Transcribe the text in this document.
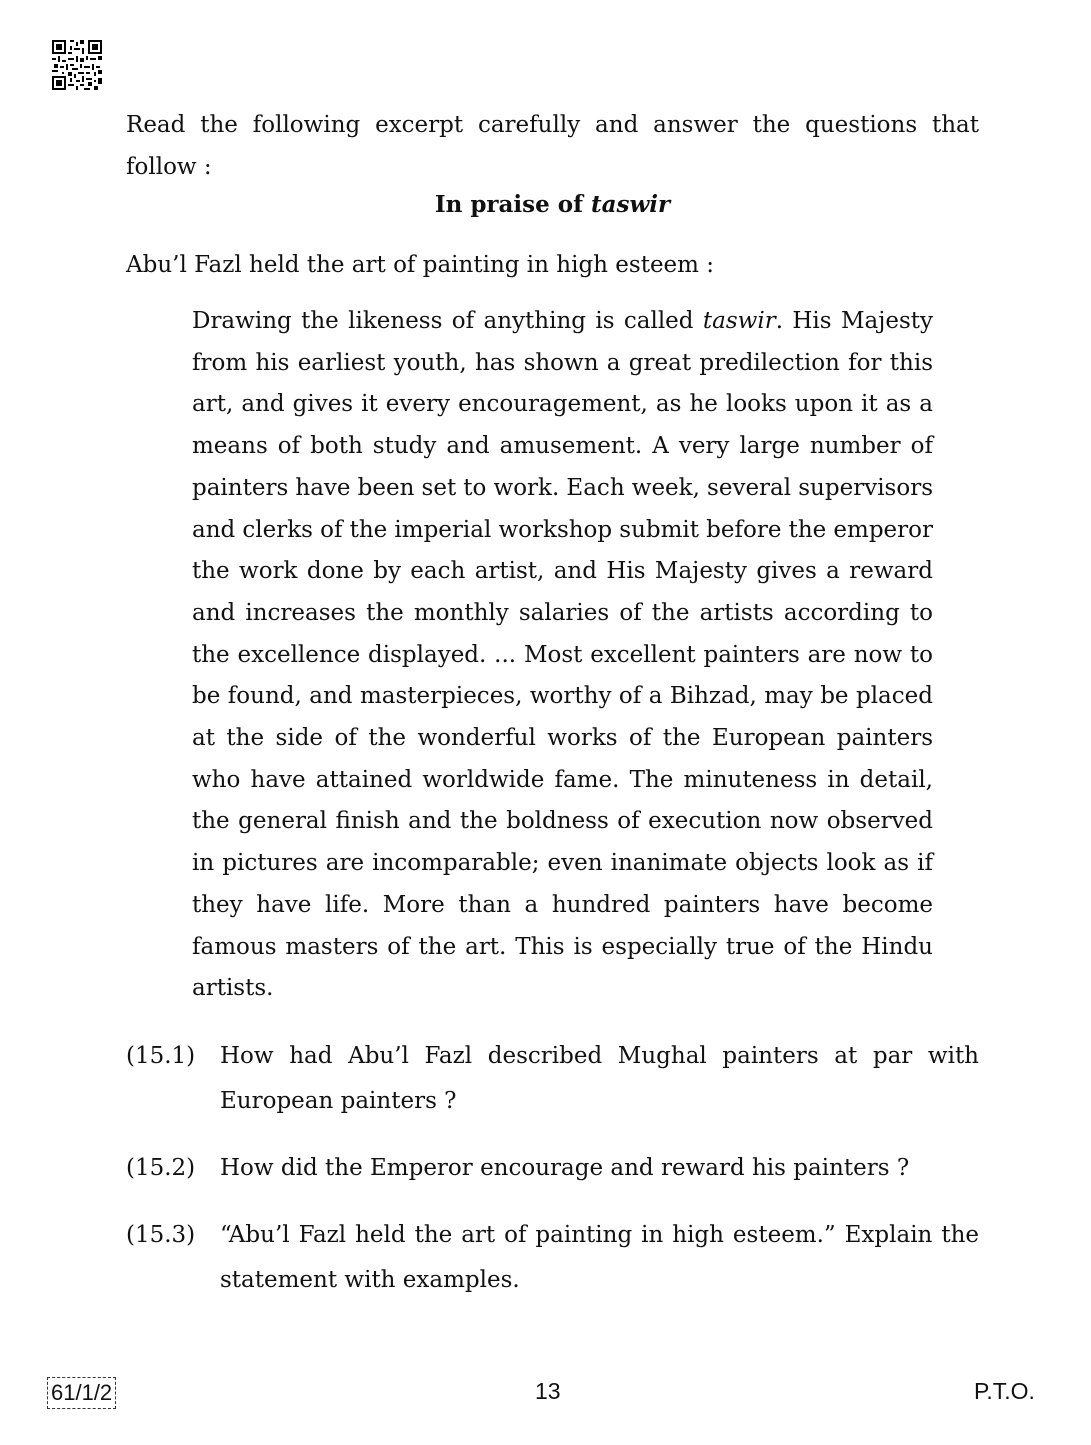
Read the following excerpt carefully and answer the questions that follow :

In praise of taswir

Abu’l Fazl held the art of painting in high esteem :

Drawing the likeness of anything is called taswir. His Majesty from his earliest youth, has shown a great predilection for this art, and gives it every encouragement, as he looks upon it as a means of both study and amusement. A very large number of painters have been set to work. Each week, several supervisors and clerks of the imperial workshop submit before the emperor the work done by each artist, and His Majesty gives a reward and increases the monthly salaries of the artists according to the excellence displayed. ... Most excellent painters are now to be found, and masterpieces, worthy of a Bihzad, may be placed at the side of the wonderful works of the European painters who have attained worldwide fame. The minuteness in detail, the general finish and the boldness of execution now observed in pictures are incomparable; even inanimate objects look as if they have life. More than a hundred painters have become famous masters of the art. This is especially true of the Hindu artists.

(15.1)	How had Abu’l Fazl described Mughal painters at par with European painters ?
(15.2)	How did the Emperor encourage and reward his painters ?
(15.3)	“Abu’l Fazl held the art of painting in high esteem.” Explain the statement with examples.
61/1/2	13	P.T.O.
